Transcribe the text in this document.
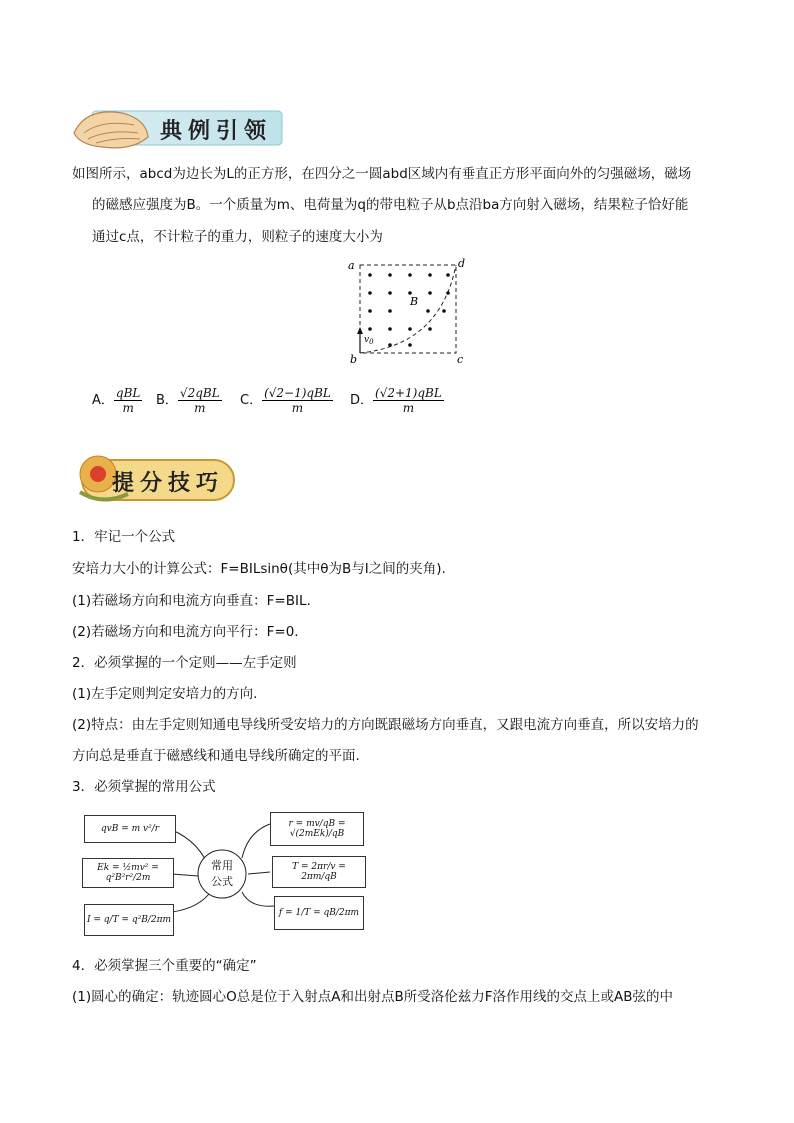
典例引领
如图所示，abcd为边长为L的正方形，在四分之一圆abd区域内有垂直正方形平面向外的匀强磁场，磁场
的磁感应强度为B。一个质量为m、电荷量为q的带电粒子从b点沿ba方向射入磁场，结果粒子恰好能
通过c点，不计粒子的重力，则粒子的速度大小为
a	d
b	c
B
$v_0$
A． $\frac{\text{qBL}}{m}$ B． $\frac{\text{√2qBL}}{m}$ C． $\frac{\text{(√2−1)qBL}}{m}$ D． $\frac{\text{(√2+1)qBL}}{m}$
提分技巧
1．牢记一个公式
安培力大小的计算公式：F=BILsinθ(其中θ为B与I之间的夹角).
(1)若磁场方向和电流方向垂直：F=BIL.
(2)若磁场方向和电流方向平行：F=0.
2．必须掌握的一个定则——左手定则
(1)左手定则判定安培力的方向.
(2)特点：由左手定则知通电导线所受安培力的方向既跟磁场方向垂直，又跟电流方向垂直，所以安培力的
方向总是垂直于磁感线和通电导线所确定的平面.
3．必须掌握的常用公式
常用
公式
qvB = m v²/r
Ek = ½mv² = q²B²r²/2m
I = q/T = q²B/2πm
r = mv/qB = √(2mEk)/qB
T = 2πr/v = 2πm/qB
f = 1/T = qB/2πm
4．必须掌握三个重要的“确定”
(1)圆心的确定：轨迹圆心O总是位于入射点A和出射点B所受洛伦兹力F洛作用线的交点上或AB弦的中
